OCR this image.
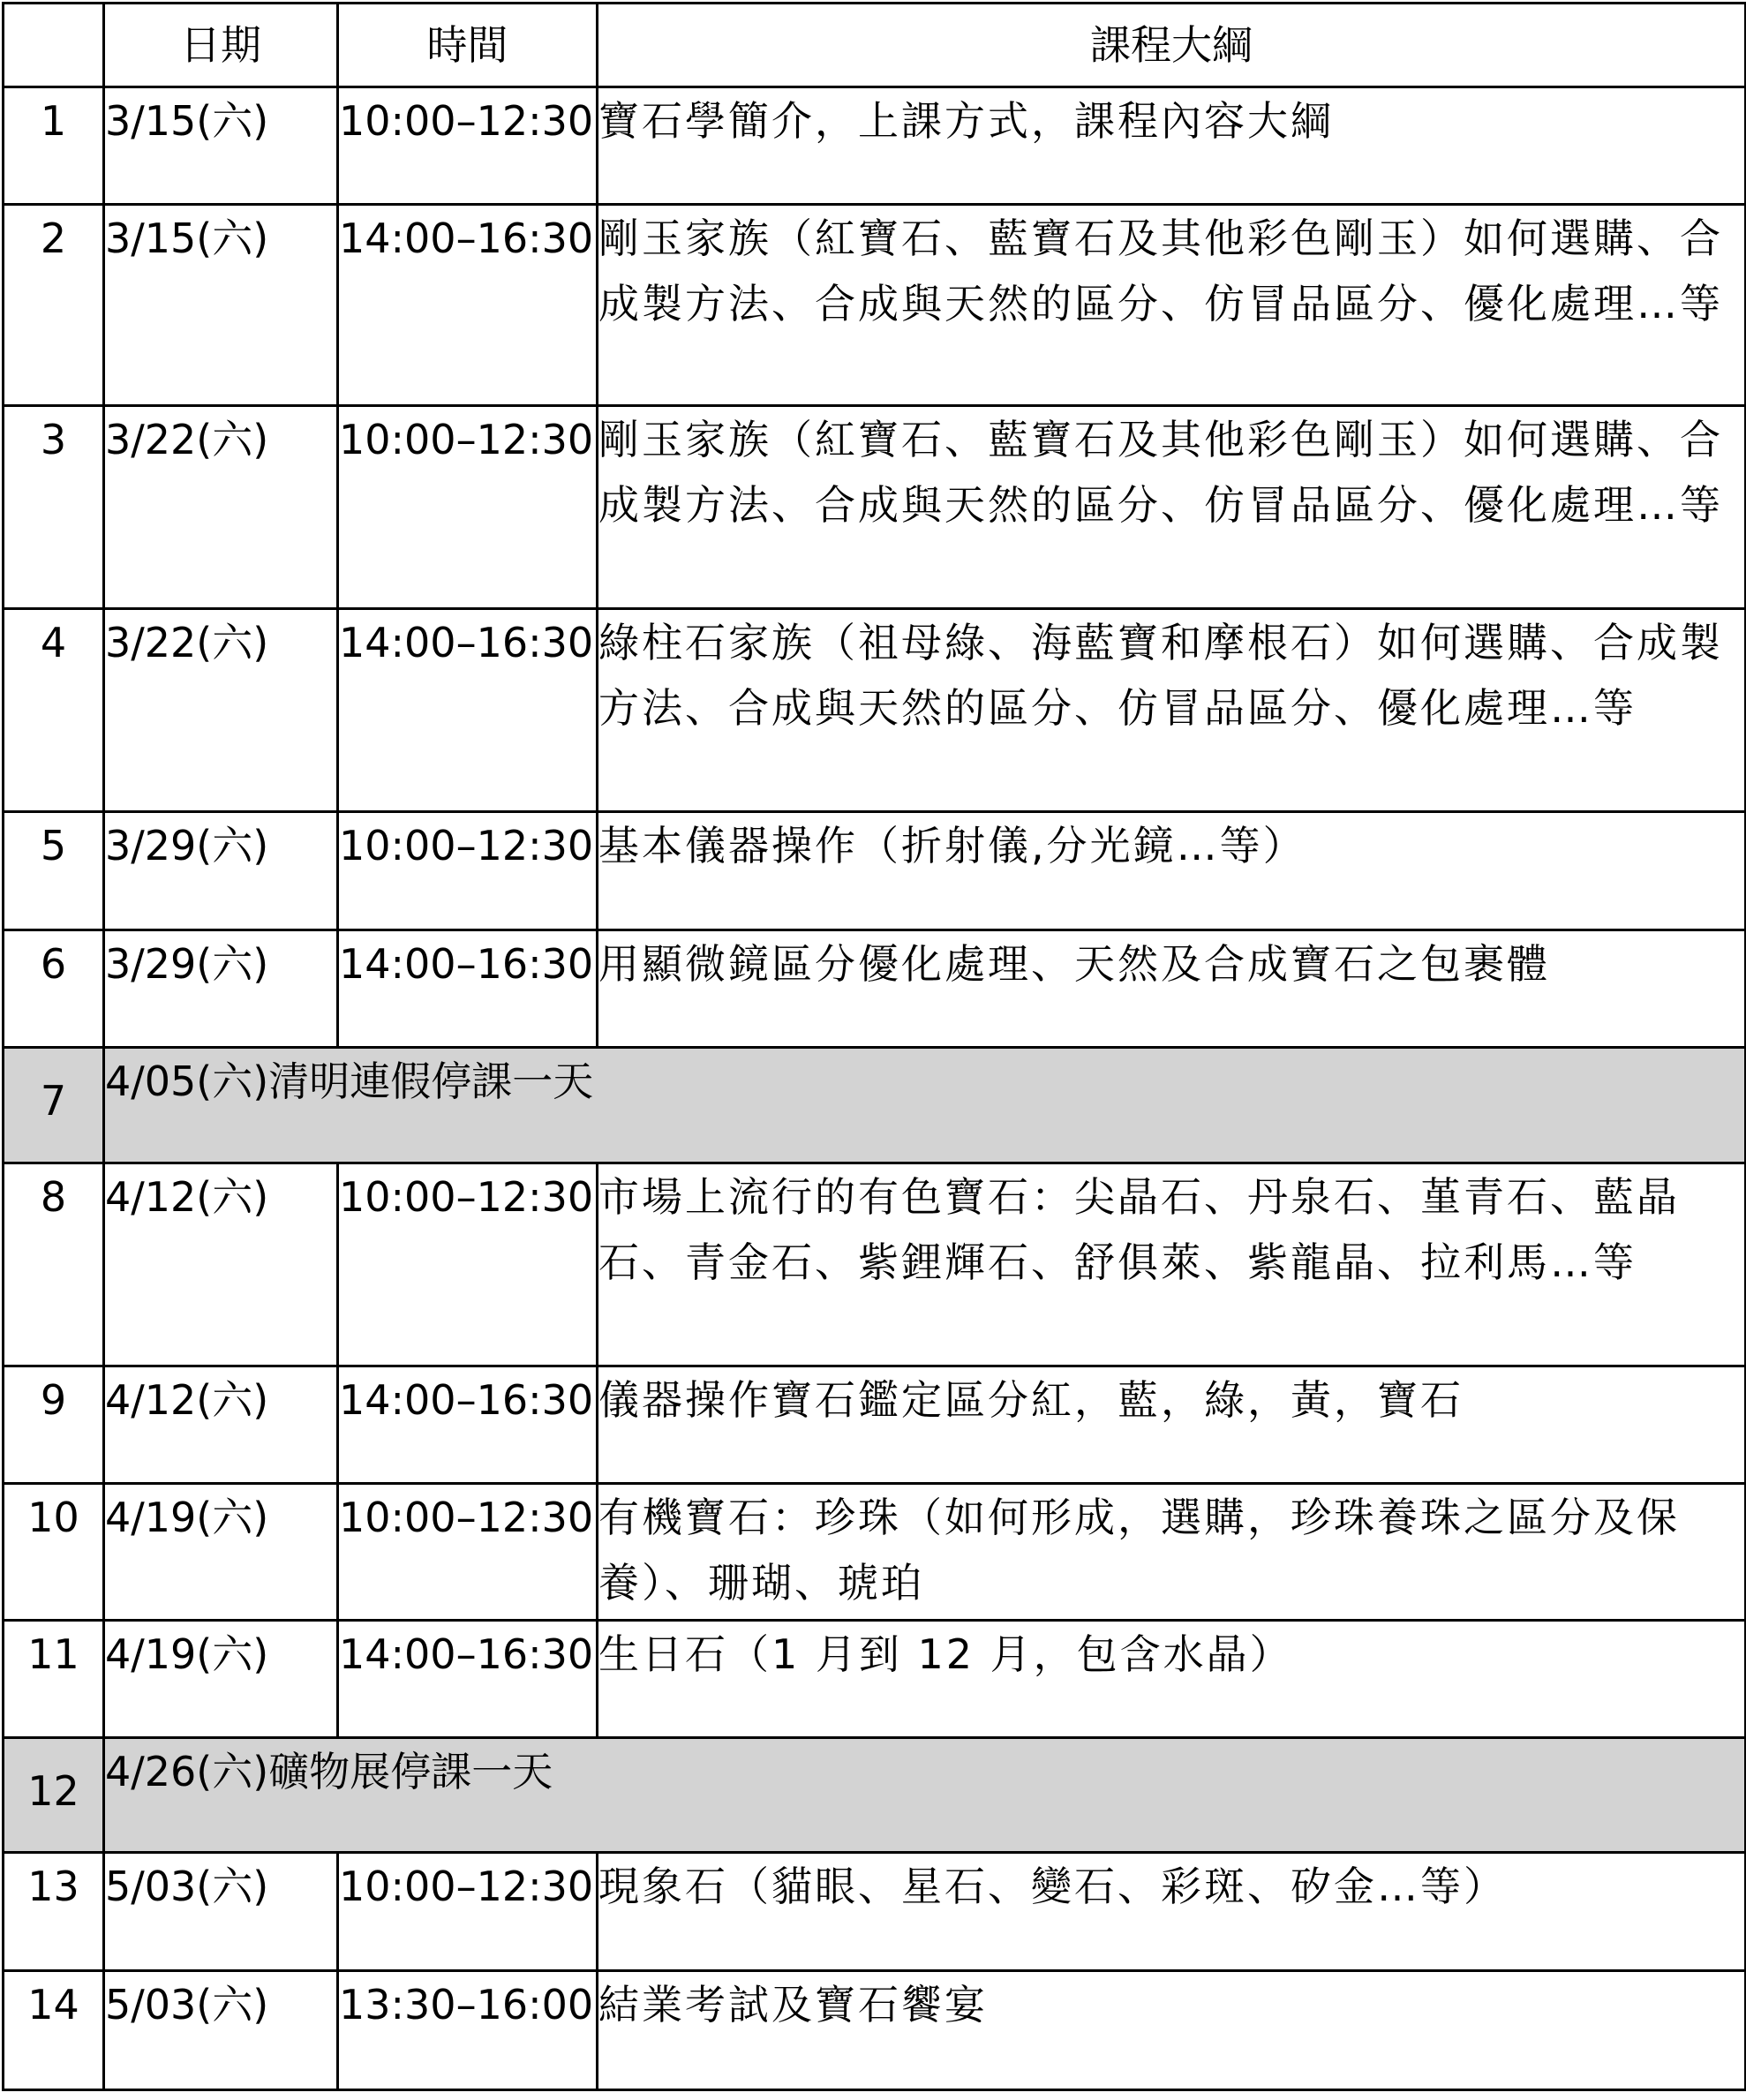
	日期	時間	課程大綱
1	3/15(六)	10:00–12:30	寶石學簡介，上課方式，課程內容大綱
2	3/15(六)	14:00–16:30	剛玉家族（紅寶石、藍寶石及其他彩色剛玉）如何選購、合成製方法、合成與天然的區分、仿冒品區分、優化處理…等
3	3/22(六)	10:00–12:30	剛玉家族（紅寶石、藍寶石及其他彩色剛玉）如何選購、合成製方法、合成與天然的區分、仿冒品區分、優化處理…等
4	3/22(六)	14:00–16:30	綠柱石家族（祖母綠、海藍寶和摩根石）如何選購、合成製方法、合成與天然的區分、仿冒品區分、優化處理…等
5	3/29(六)	10:00–12:30	基本儀器操作（折射儀,分光鏡…等）
6	3/29(六)	14:00–16:30	用顯微鏡區分優化處理、天然及合成寶石之包裹體
7	4/05(六)清明連假停課一天		
8	4/12(六)	10:00–12:30	市場上流行的有色寶石：尖晶石、丹泉石、堇青石、藍晶石、青金石、紫鋰輝石、舒俱萊、紫龍晶、拉利馬…等
9	4/12(六)	14:00–16:30	儀器操作寶石鑑定區分紅，藍，綠，黃，寶石
10	4/19(六)	10:00–12:30	有機寶石：珍珠（如何形成，選購，珍珠養珠之區分及保養）、珊瑚、琥珀
11	4/19(六)	14:00–16:30	生日石（1 月到 12 月，包含水晶）
12	4/26(六)礦物展停課一天		
13	5/03(六)	10:00–12:30	現象石（貓眼、星石、變石、彩斑、矽金…等）
14	5/03(六)	13:30–16:00	結業考試及寶石饗宴
